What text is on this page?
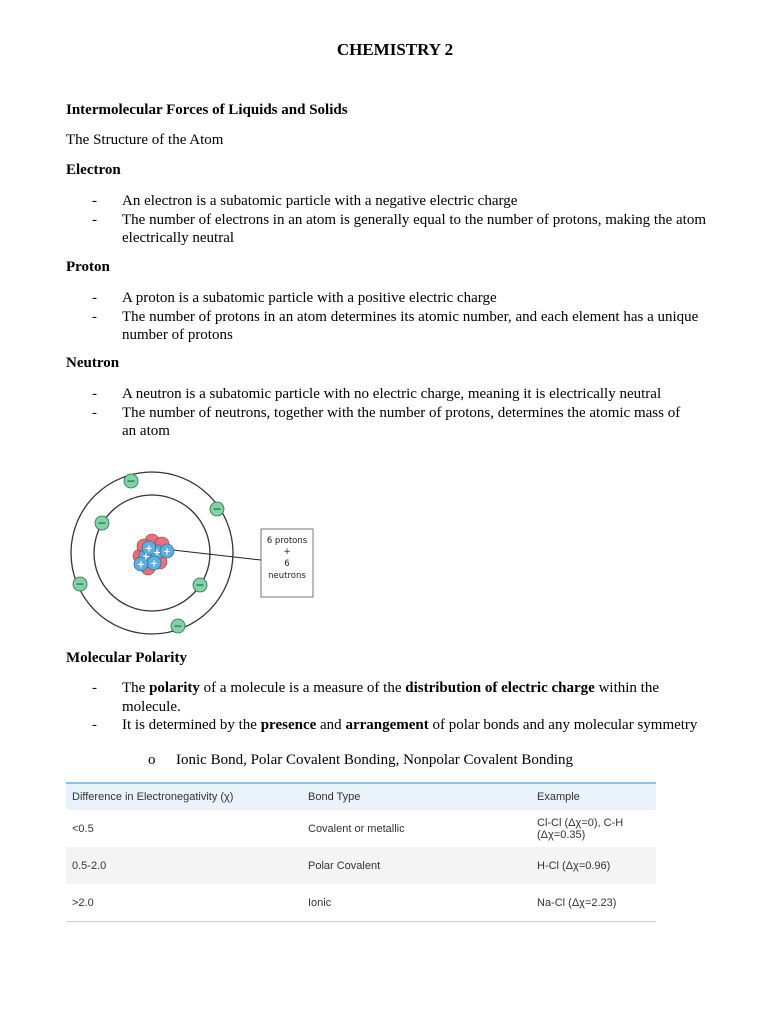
CHEMISTRY 2
Intermolecular Forces of Liquids and Solids
The Structure of the Atom
Electron
-	An electron is a subatomic particle with a negative electric charge
-	The number of electrons in an atom is generally equal to the number of protons, making the atom electrically neutral
Proton
-	A proton is a subatomic particle with a positive electric charge
-	The number of protons in an atom determines its atomic number, and each element has a unique number of protons
Neutron
-	A neutron is a subatomic particle with no electric charge, meaning it is electrically neutral
-	The number of neutrons, together with the number of protons, determines the atomic mass of an atom
+ +
+
+
+ +
−
−
−
−
−
−
6 protons
+
6
neutrons
Molecular Polarity
-	The polarity of a molecule is a measure of the distribution of electric charge within the molecule.
-	It is determined by the presence and arrangement of polar bonds and any molecular symmetry
o	Ionic Bond, Polar Covalent Bonding, Nonpolar Covalent Bonding
Difference in Electronegativity (χ)	Bond Type	Example
<0.5	Covalent or metallic	Cl-Cl (Δχ=0), C-H (Δχ=0.35)
0.5-2.0	Polar Covalent	H-Cl (Δχ=0.96)
>2.0	Ionic	Na-Cl (Δχ=2.23)
